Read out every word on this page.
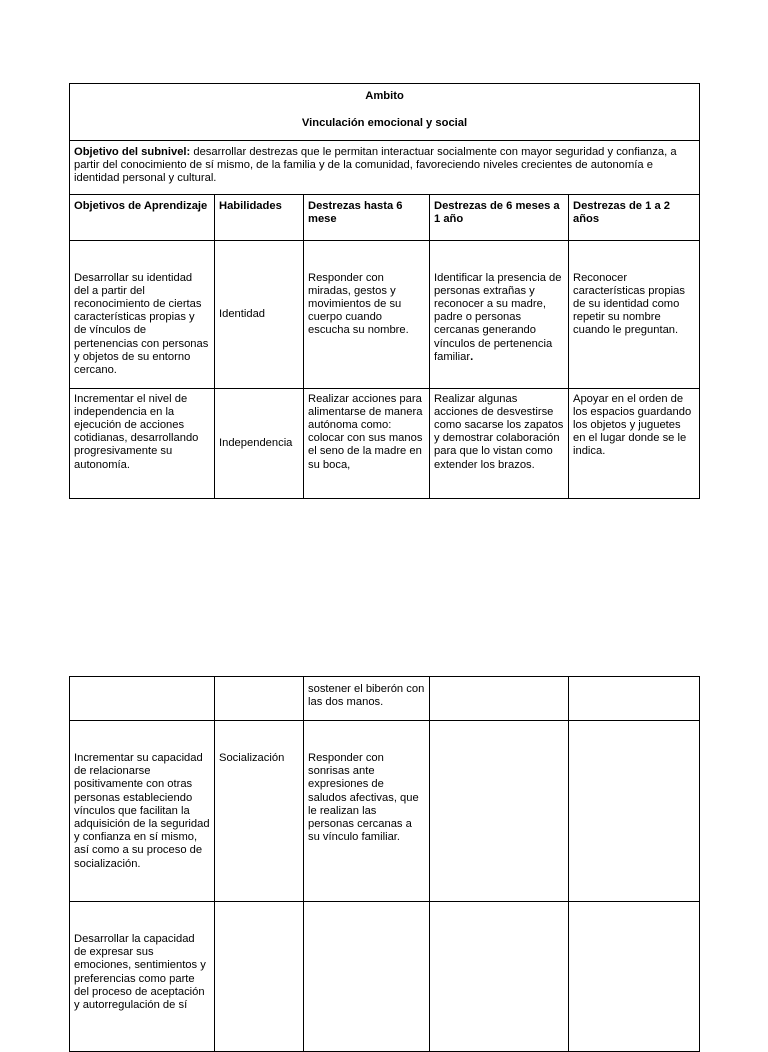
Ambito
Vinculación emocional y social				

Objetivo del subnivel: desarrollar destrezas que le permitan interactuar socialmente con mayor seguridad y confianza, a partir del conocimiento de sí mismo, de la familia y de la comunidad, favoreciendo niveles crecientes de autonomía e identidad personal y cultural.				
Objetivos de Aprendizaje	Habilidades	Destrezas hasta 6 mese	Destrezas de 6 meses a 1 año	Destrezas de 1 a 2 años
Desarrollar su identidad del a partir del reconocimiento de ciertas características propias y de vínculos de pertenencias con personas y objetos de su entorno cercano.	Identidad	Responder con miradas, gestos y movimientos de su cuerpo cuando escucha su nombre.	Identificar la presencia de personas extrañas y reconocer a su madre, padre o personas cercanas generando vínculos de pertenencia familiar.	Reconocer características propias de su identidad como repetir su nombre cuando le preguntan.
Incrementar el nivel de independencia en la ejecución de acciones cotidianas, desarrollando progresivamente su autonomía.	Independencia	Realizar acciones para alimentarse de manera autónoma como: colocar con sus manos el seno de la madre en su boca,	Realizar algunas acciones de desvestirse como sacarse los zapatos y demostrar colaboración para que lo vistan como extender los brazos.	Apoyar en el orden de los espacios guardando los objetos y juguetes en el lugar donde se le indica.
		sostener el biberón con las dos manos.		
Incrementar su capacidad de relacionarse positivamente con otras personas estableciendo vínculos que facilitan la adquisición de la seguridad y confianza en sí mismo, así como a su proceso de socialización.	Socialización	Responder con sonrisas ante expresiones de saludos afectivas, que le realizan las personas cercanas a su vínculo familiar.		
Desarrollar la capacidad de expresar sus emociones, sentimientos y preferencias como parte del proceso de aceptación y autorregulación de sí				
